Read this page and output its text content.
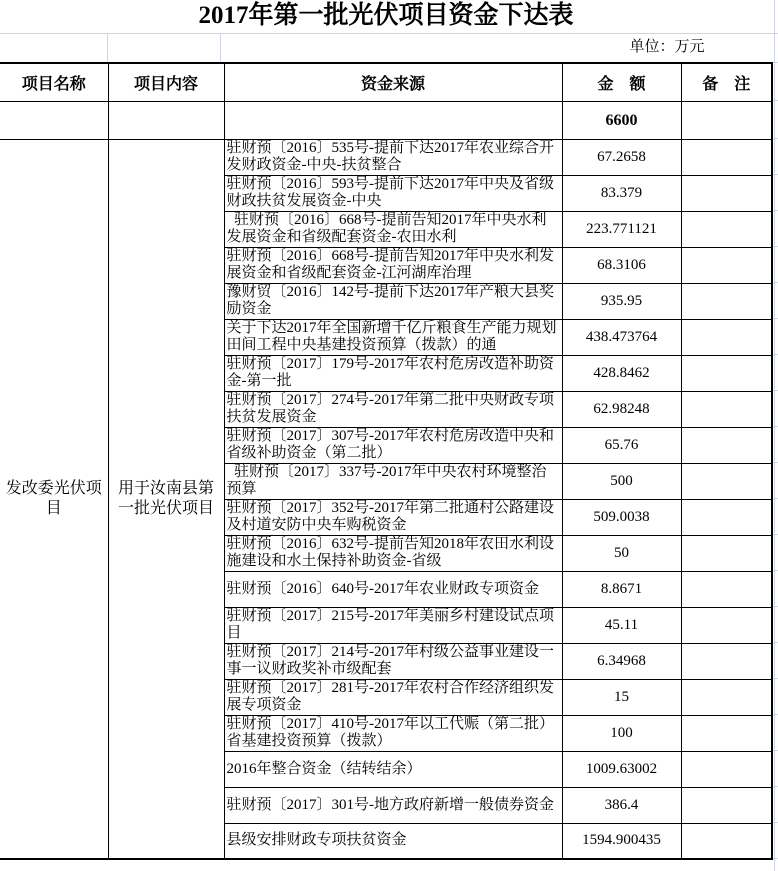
2017年第一批光伏项目资金下达表
单位：万元
项目名称	项目内容	资金来源	金　额	备　注
			6600	
发改委光伏项目	用于汝南县第一批光伏项目	驻财预〔2016〕535号-提前下达2017年农业综合开发财政资金-中央-扶贫整合	67.2658	
		驻财预〔2016〕593号-提前下达2017年中央及省级财政扶贫发展资金-中央	83.379	
		驻财预〔2016〕668号-提前告知2017年中央水利发展资金和省级配套资金-农田水利	223.771121	
		驻财预〔2016〕668号-提前告知2017年中央水利发展资金和省级配套资金-江河湖库治理	68.3106	
		豫财贸〔2016〕142号-提前下达2017年产粮大县奖励资金	935.95	
		关于下达2017年全国新增千亿斤粮食生产能力规划田间工程中央基建投资预算（拨款）的通	438.473764	
		驻财预〔2017〕179号-2017年农村危房改造补助资金-第一批	428.8462	
		驻财预〔2017〕274号-2017年第二批中央财政专项扶贫发展资金	62.98248	
		驻财预〔2017〕307号-2017年农村危房改造中央和省级补助资金（第二批）	65.76	
		驻财预〔2017〕337号-2017年中央农村环境整治预算	500	
		驻财预〔2017〕352号-2017年第二批通村公路建设及村道安防中央车购税资金	509.0038	
		驻财预〔2016〕632号-提前告知2018年农田水利设施建设和水土保持补助资金-省级	50	
		驻财预〔2016〕640号-2017年农业财政专项资金	8.8671	
		驻财预〔2017〕215号-2017年美丽乡村建设试点项目	45.11	
		驻财预〔2017〕214号-2017年村级公益事业建设一事一议财政奖补市级配套	6.34968	
		驻财预〔2017〕281号-2017年农村合作经济组织发展专项资金	15	
		驻财预〔2017〕410号-2017年以工代赈（第二批）省基建投资预算（拨款）	100	
		2016年整合资金（结转结余）	1009.63002	
		驻财预〔2017〕301号-地方政府新增一般债券资金	386.4	
		县级安排财政专项扶贫资金	1594.900435	
